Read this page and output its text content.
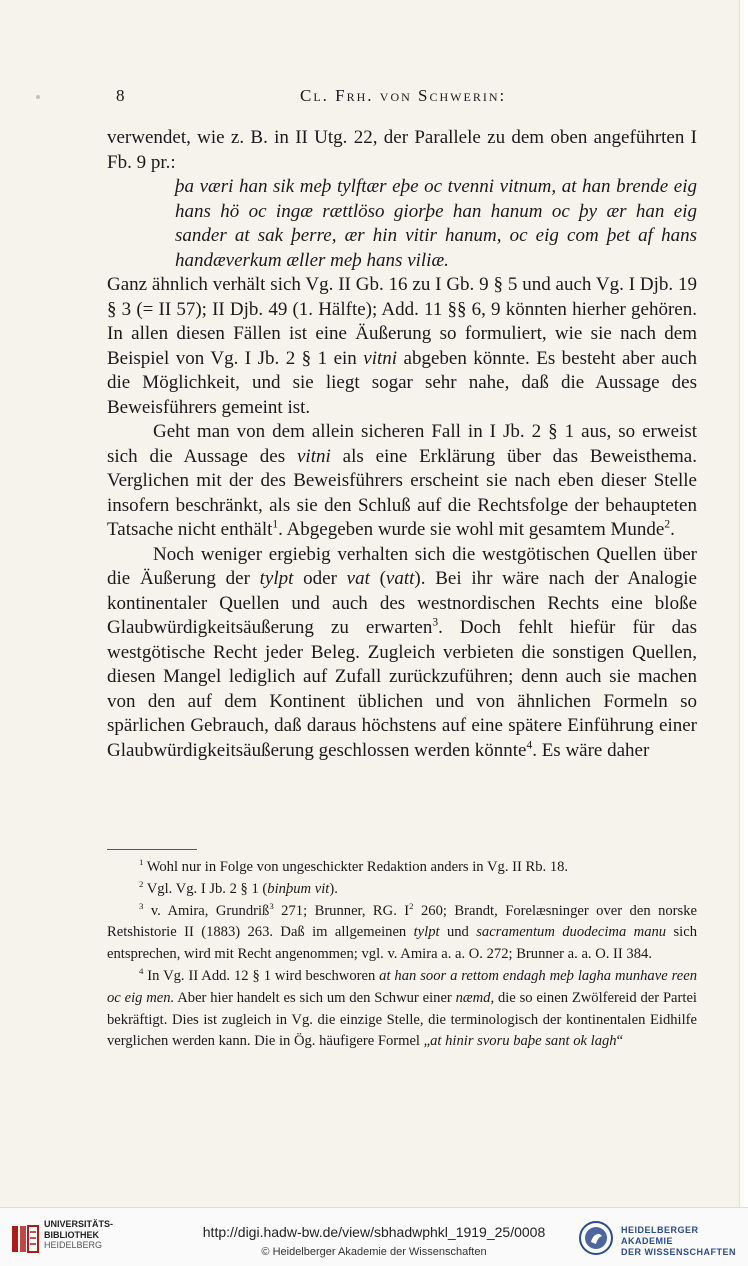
8	Cl. Frh. von Schwerin:

verwendet, wie z. B. in II Utg. 22, der Parallele zu dem oben angeführten I Fb. 9 pr.:

þa væri han sik meþ tylftær eþe oc tvenni vitnum, at han brende eig hans hö oc ingæ rættlöso giorþe han hanum oc þy ær han eig sander at sak þerre, ær hin vitir hanum, oc eig com þet af hans handæverkum æller meþ hans viliæ.

Ganz ähnlich verhält sich Vg. II Gb. 16 zu I Gb. 9 § 5 und auch Vg. I Djb. 19 § 3 (= II 57); II Djb. 49 (1. Hälfte); Add. 11 §§ 6, 9 könnten hierher gehören. In allen diesen Fällen ist eine Äußerung so formuliert, wie sie nach dem Beispiel von Vg. I Jb. 2 § 1 ein vitni abgeben könnte. Es besteht aber auch die Möglichkeit, und sie liegt sogar sehr nahe, daß die Aussage des Beweisführers gemeint ist.

Geht man von dem allein sicheren Fall in I Jb. 2 § 1 aus, so erweist sich die Aussage des vitni als eine Erklärung über das Beweisthema. Verglichen mit der des Beweisführers erscheint sie nach eben dieser Stelle insofern beschränkt, als sie den Schluß auf die Rechtsfolge der behaupteten Tatsache nicht enthält$^1$. Abgegeben wurde sie wohl mit gesamtem Munde$^2$.

Noch weniger ergiebig verhalten sich die westgötischen Quellen über die Äußerung der tylpt oder vat (vatt). Bei ihr wäre nach der Analogie kontinentaler Quellen und auch des westnordischen Rechts eine bloße Glaubwürdigkeitsäußerung zu erwarten$^3$. Doch fehlt hiefür für das westgötische Recht jeder Beleg. Zugleich verbieten die sonstigen Quellen, diesen Mangel lediglich auf Zufall zurückzuführen; denn auch sie machen von den auf dem Kontinent üblichen und von ähnlichen Formeln so spärlichen Gebrauch, daß daraus höchstens auf eine spätere Einführung einer Glaubwürdigkeitsäußerung geschlossen werden könnte$^4$. Es wäre daher

$^1$ Wohl nur in Folge von ungeschickter Redaktion anders in Vg. II Rb. 18.

$^2$ Vgl. Vg. I Jb. 2 § 1 (binþum vit).

$^3$ v. Amira, Grundriß$^3$ 271; Brunner, RG. $I^2$ 260; Brandt, Forelæsninger over den norske Retshistorie II (1883) 263. Daß im allgemeinen tylpt und sacramentum duodecima manu sich entsprechen, wird mit Recht angenommen; vgl. v. Amira a. a. O. 272; Brunner a. a. O. II 384.

$^4$ In Vg. II Add. 12 § 1 wird beschworen at han soor a rettom endagh meþ lagha munhave reen oc eig men. Aber hier handelt es sich um den Schwur einer næmd, die so einen Zwölfereid der Partei bekräftigt. Dies ist zugleich in Vg. die einzige Stelle, die terminologisch der kontinentalen Eidhilfe verglichen werden kann. Die in Ög. häufigere Formel „at hinir svoru baþe sant ok lagh“

UNIVERSITÄTS-
BIBLIOTHEK
HEIDELBERG
http://digi.hadw-bw.de/view/sbhadwphkl_1919_25/0008
© Heidelberger Akademie der Wissenschaften
HEIDELBERGER AKADEMIE
DER WISSENSCHAFTEN
